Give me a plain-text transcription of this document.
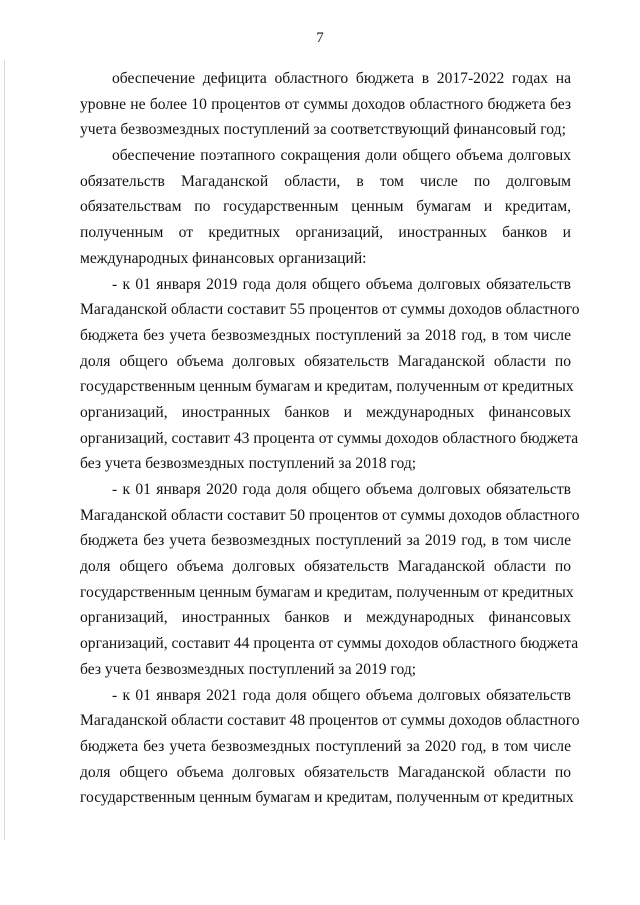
7

обеспечение дефицита областного бюджета в 2017-2022 годах на
уровне не более 10 процентов от суммы доходов областного бюджета без
учета безвозмездных поступлений за соответствующий финансовый год;

обеспечение поэтапного сокращения доли общего объема долговых
обязательств Магаданской области, в том числе по долговым
обязательствам по государственным ценным бумагам и кредитам,
полученным от кредитных организаций, иностранных банков и
международных финансовых организаций:

- к 01 января 2019 года доля общего объема долговых обязательств
Магаданской области составит 55 процентов от суммы доходов областного
бюджета без учета безвозмездных поступлений за 2018 год, в том числе
доля общего объема долговых обязательств Магаданской области по
государственным ценным бумагам и кредитам, полученным от кредитных
организаций, иностранных банков и международных финансовых
организаций, составит 43 процента от суммы доходов областного бюджета
без учета безвозмездных поступлений за 2018 год;

- к 01 января 2020 года доля общего объема долговых обязательств
Магаданской области составит 50 процентов от суммы доходов областного
бюджета без учета безвозмездных поступлений за 2019 год, в том числе
доля общего объема долговых обязательств Магаданской области по
государственным ценным бумагам и кредитам, полученным от кредитных
организаций, иностранных банков и международных финансовых
организаций, составит 44 процента от суммы доходов областного бюджета
без учета безвозмездных поступлений за 2019 год;

- к 01 января 2021 года доля общего объема долговых обязательств
Магаданской области составит 48 процентов от суммы доходов областного
бюджета без учета безвозмездных поступлений за 2020 год, в том числе
доля общего объема долговых обязательств Магаданской области по
государственным ценным бумагам и кредитам, полученным от кредитных
